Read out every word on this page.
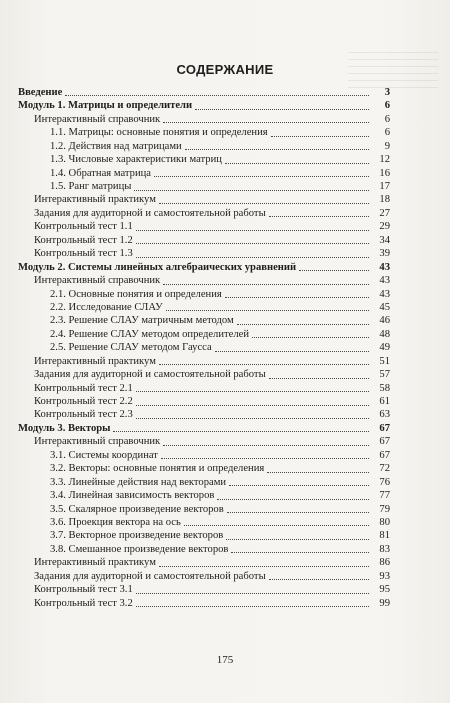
СОДЕРЖАНИЕ
Введение	3
Модуль 1. Матрицы и определители	6
Интерактивный справочник	6
1.1. Матрицы: основные понятия и определения	6
1.2. Действия над матрицами	9
1.3. Числовые характеристики матриц	12
1.4. Обратная матрица	16
1.5. Ранг матрицы	17
Интерактивный практикум	18
Задания для аудиторной и самостоятельной работы	27
Контрольный тест 1.1	29
Контрольный тест 1.2	34
Контрольный тест 1.3	39
Модуль 2. Системы линейных алгебраических уравнений	43
Интерактивный справочник	43
2.1. Основные понятия и определения	43
2.2. Исследование СЛАУ	45
2.3. Решение СЛАУ матричным методом	46
2.4. Решение СЛАУ методом определителей	48
2.5. Решение СЛАУ методом Гаусса	49
Интерактивный практикум	51
Задания для аудиторной и самостоятельной работы	57
Контрольный тест 2.1	58
Контрольный тест 2.2	61
Контрольный тест 2.3	63
Модуль 3. Векторы	67
Интерактивный справочник	67
3.1. Системы координат	67
3.2. Векторы: основные понятия и определения	72
3.3. Линейные действия над векторами	76
3.4. Линейная зависимость векторов	77
3.5. Скалярное произведение векторов	79
3.6. Проекция вектора на ось	80
3.7. Векторное произведение векторов	81
3.8. Смешанное произведение векторов	83
Интерактивный практикум	86
Задания для аудиторной и самостоятельной работы	93
Контрольный тест 3.1	95
Контрольный тест 3.2	99
175
